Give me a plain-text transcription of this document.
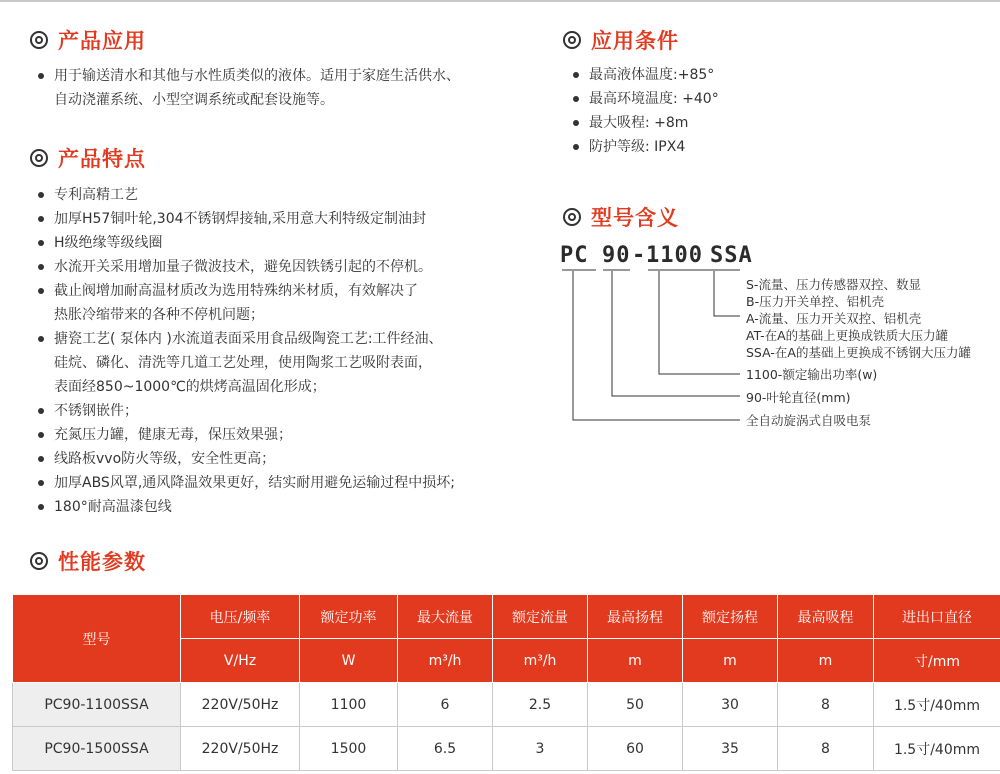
产品应用
用于输送清水和其他与水性质类似的液体。适用于家庭生活供水、
自动浇灌系统、小型空调系统或配套设施等。
产品特点
专利高精工艺
加厚H57铜叶轮,304不锈钢焊接轴,采用意大利特级定制油封
H级绝缘等级线圈
水流开关采用增加量子微波技术，避免因铁锈引起的不停机。
截止阀增加耐高温材质改为选用特殊纳米材质，有效解决了
热胀冷缩带来的各种不停机问题；
搪瓷工艺( 泵体内 )水流道表面采用食品级陶瓷工艺:工件经油、
硅烷、磷化、清洗等几道工艺处理，使用陶浆工艺吸附表面，
表面经850~1000℃的烘烤高温固化形成；
不锈钢嵌件；
充氮压力罐，健康无毒，保压效果强；
线路板vvo防火等级，安全性更高；
加厚ABS风罩,通风降温效果更好，结实耐用避免运输过程中损坏;
180°耐高温漆包线
应用条件
最高液体温度:+85°
最高环境温度: +40°
最大吸程: +8m
防护等级: IPX4
型号含义
PC 90-1100 SSA
S-流量、压力传感器双控、数显
B-压力开关单控、铝机壳
A-流量、压力开关双控、铝机壳
AT-在A的基础上更换成铁质大压力罐
SSA-在A的基础上更换成不锈钢大压力罐
1100-额定输出功率(w)
90-叶轮直径(mm)
全自动旋涡式自吸电泵
性能参数
型号	电压/频率	额定功率	最大流量	额定流量	最高扬程	额定扬程	最高吸程	进出口直径
	V/Hz	W	m³/h	m³/h	m	m	m	寸/mm
PC90-1100SSA	220V/50Hz	1100	6	2.5	50	30	8	1.5寸/40mm
PC90-1500SSA	220V/50Hz	1500	6.5	3	60	35	8	1.5寸/40mm
